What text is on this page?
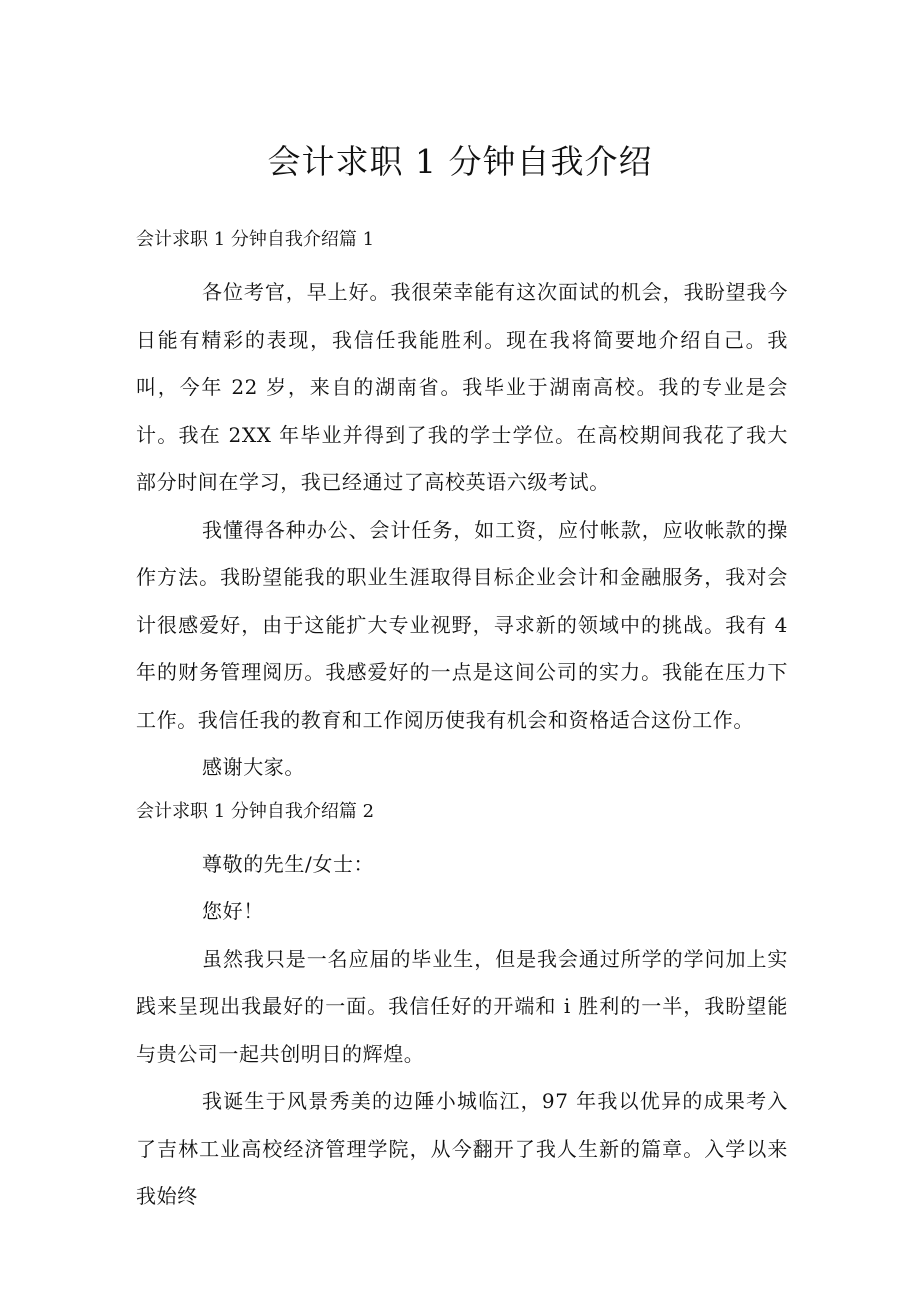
会计求职 1 分钟自我介绍
会计求职 1 分钟自我介绍篇 1

各位考官，早上好。我很荣幸能有这次面试的机会，我盼望我今日能有精彩的表现，我信任我能胜利。现在我将简要地介绍自己。我叫，今年 22 岁，来自的湖南省。我毕业于湖南高校。我的专业是会计。我在 2XX 年毕业并得到了我的学士学位。在高校期间我花了我大部分时间在学习，我已经通过了高校英语六级考试。

我懂得各种办公、会计任务，如工资，应付帐款，应收帐款的操作方法。我盼望能我的职业生涯取得目标企业会计和金融服务，我对会计很感爱好，由于这能扩大专业视野，寻求新的领域中的挑战。我有 4 年的财务管理阅历。我感爱好的一点是这间公司的实力。我能在压力下工作。我信任我的教育和工作阅历使我有机会和资格适合这份工作。

感谢大家。

会计求职 1 分钟自我介绍篇 2

尊敬的先生/女士：

您好！

虽然我只是一名应届的毕业生，但是我会通过所学的学问加上实践来呈现出我最好的一面。我信任好的开端和 i 胜利的一半，我盼望能与贵公司一起共创明日的辉煌。

我诞生于风景秀美的边陲小城临江，97 年我以优异的成果考入了吉林工业高校经济管理学院，从今翻开了我人生新的篇章。入学以来我始终
